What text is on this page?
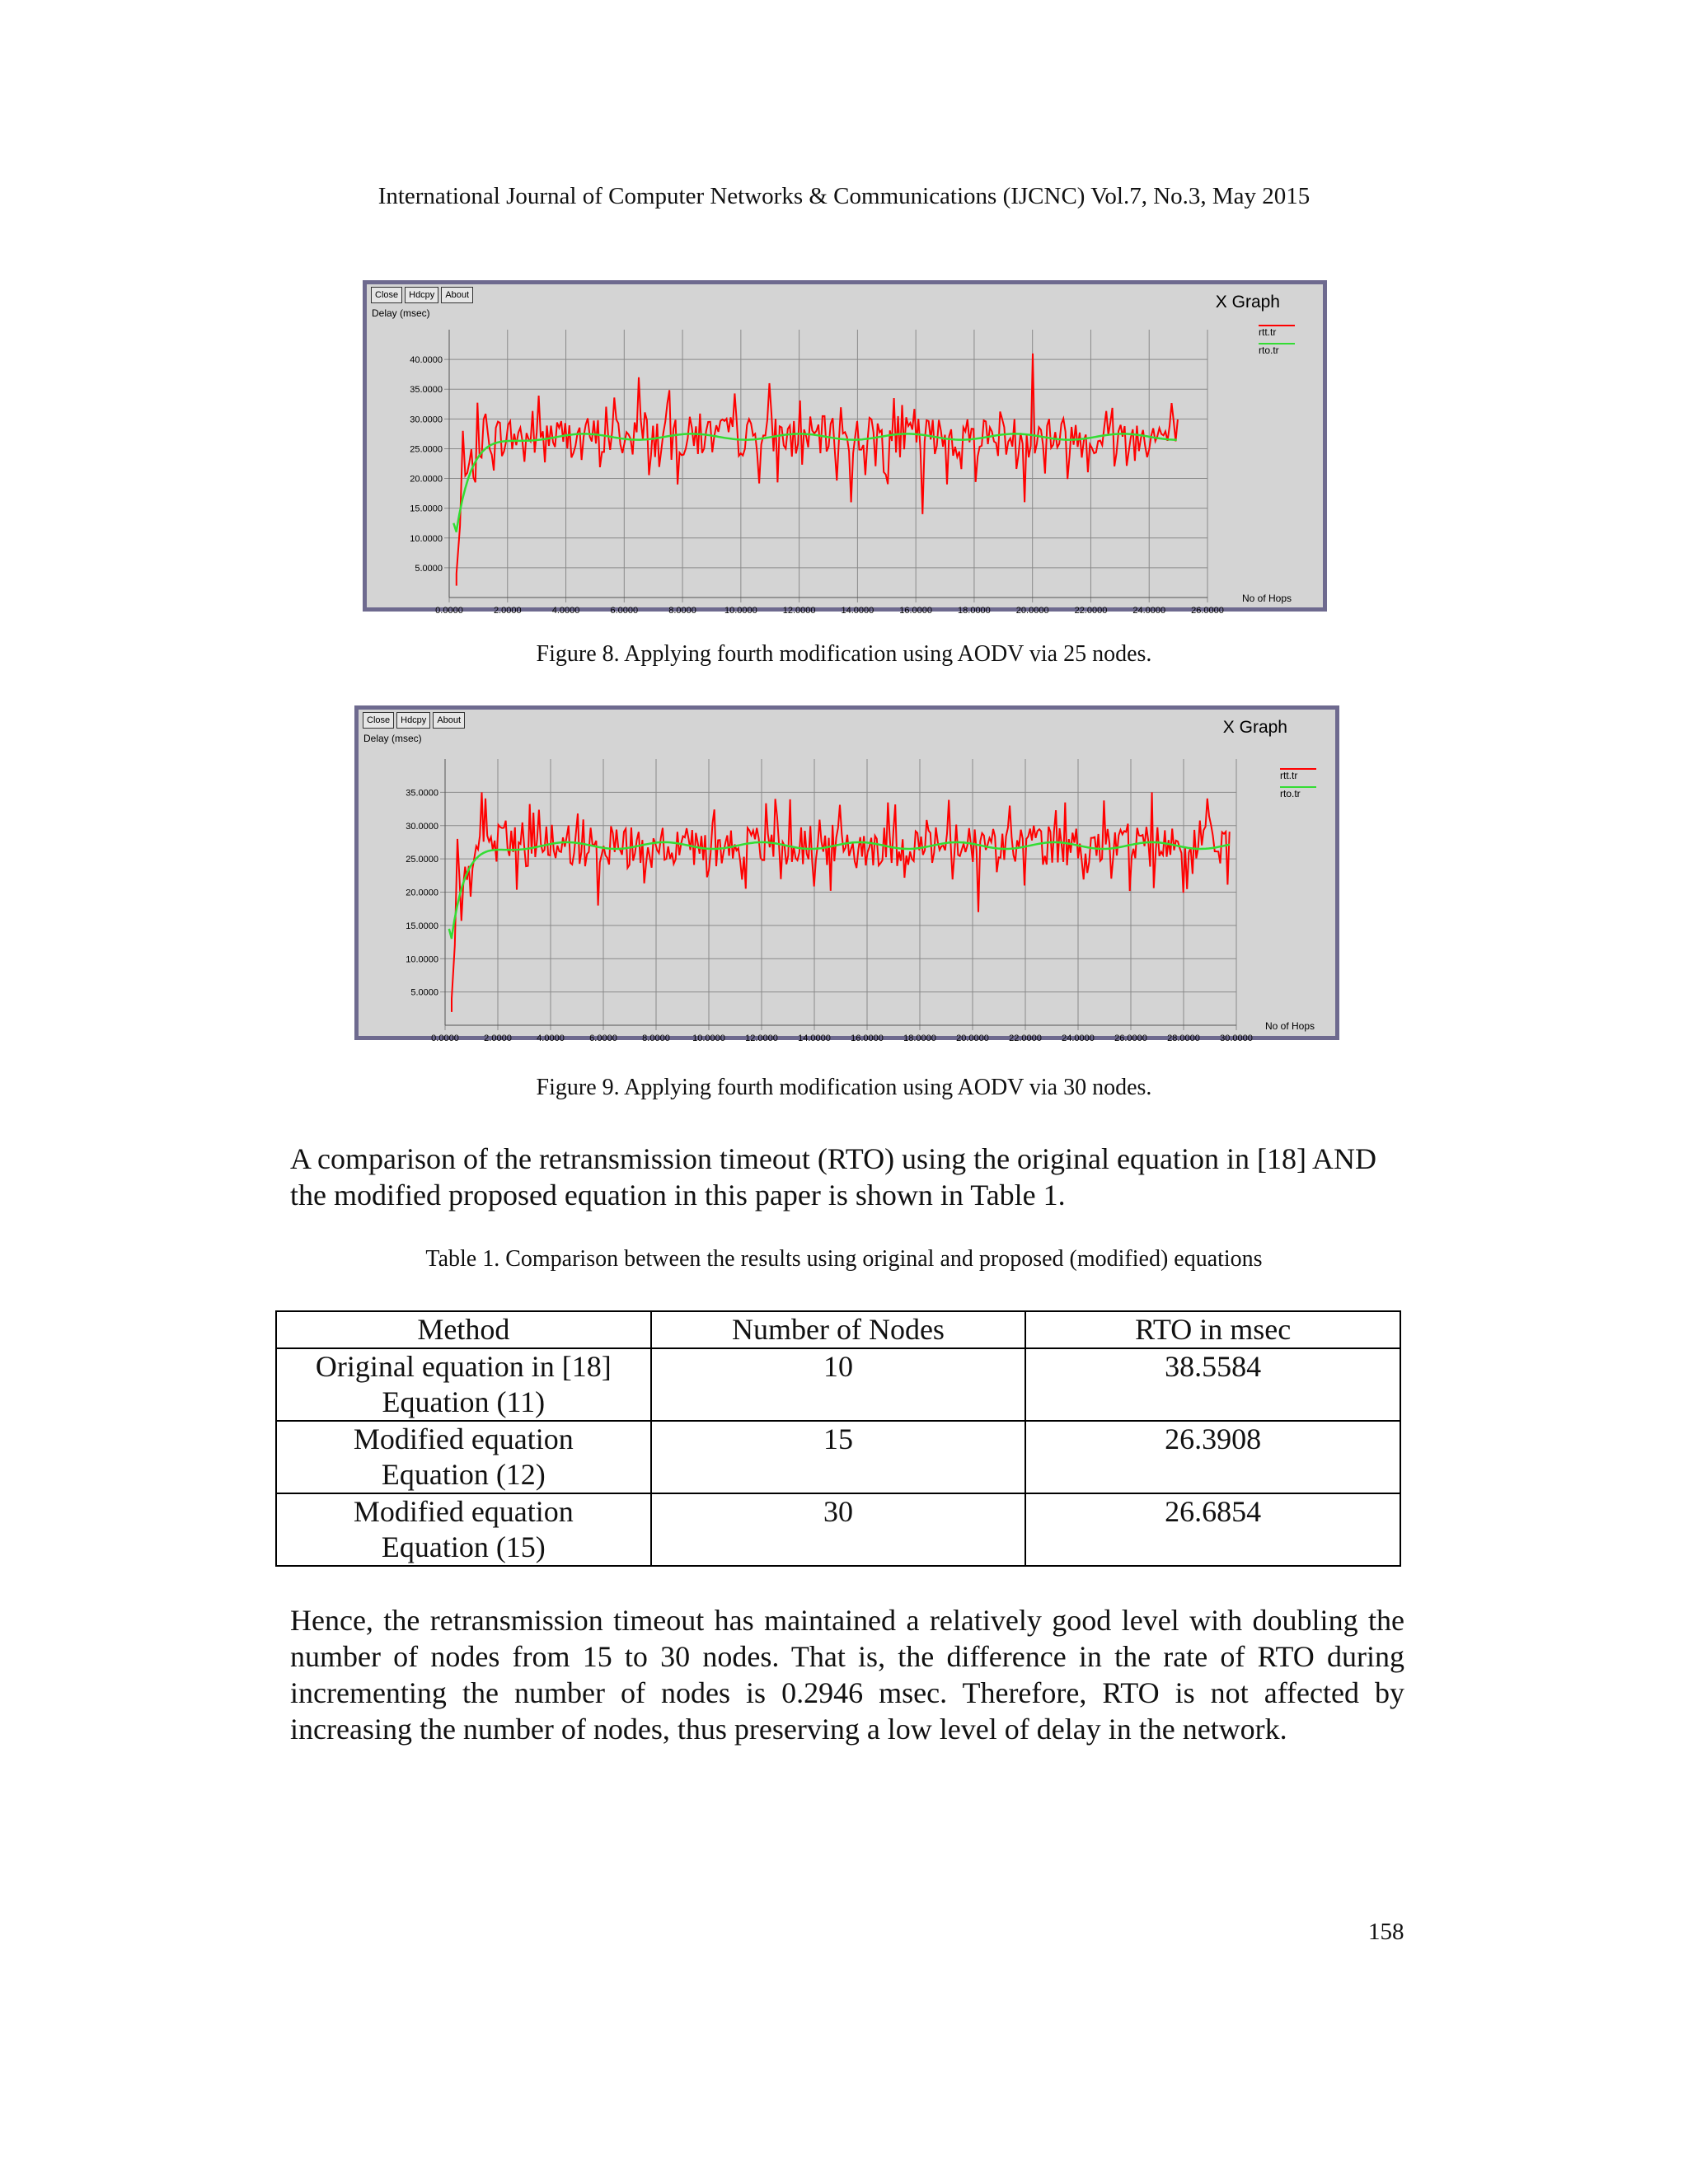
International Journal of Computer Networks & Communications (IJCNC) Vol.7, No.3, May 2015
Close	Hdcpy	About	X Graph
Delay (msec)
5.0000
10.0000
15.0000
20.0000
25.0000
30.0000
35.0000
40.0000
0.0000	2.0000	4.0000	6.0000	8.0000	10.0000	12.0000	14.0000	16.0000	18.0000	20.0000	22.0000	24.0000	26.0000
No of Hops
rtt.tr
rto.tr
Figure 8. Applying fourth modification using AODV via 25 nodes.
Close	Hdcpy	About	X Graph
Delay (msec)
5.0000
10.0000
15.0000
20.0000
25.0000
30.0000
35.0000
0.0000	2.0000	4.0000	6.0000	8.0000 10.0000 12.0000 14.0000 16.0000 18.0000 20.0000 22.0000 24.0000 26.0000 28.0000 30.0000
No of Hops
rtt.tr
rto.tr
Figure 9. Applying fourth modification using AODV via 30 nodes.

A comparison of the retransmission timeout (RTO) using the original equation in [18] AND the modified proposed equation in this paper is shown in Table 1.

Table 1. Comparison between the results using original and proposed (modified) equations
Method	Number of Nodes	RTO in msec
Original equation in [18]
Equation (11)	10	38.5584
Modified equation
Equation (12)	15	26.3908
Modified equation
Equation (15)	30	26.6854

Hence, the retransmission timeout has maintained a relatively good level with doubling the number of nodes from 15 to 30 nodes. That is, the difference in the rate of RTO during incrementing the number of nodes is 0.2946 msec. Therefore, RTO is not affected by increasing the number of nodes, thus preserving a low level of delay in the network.

158
